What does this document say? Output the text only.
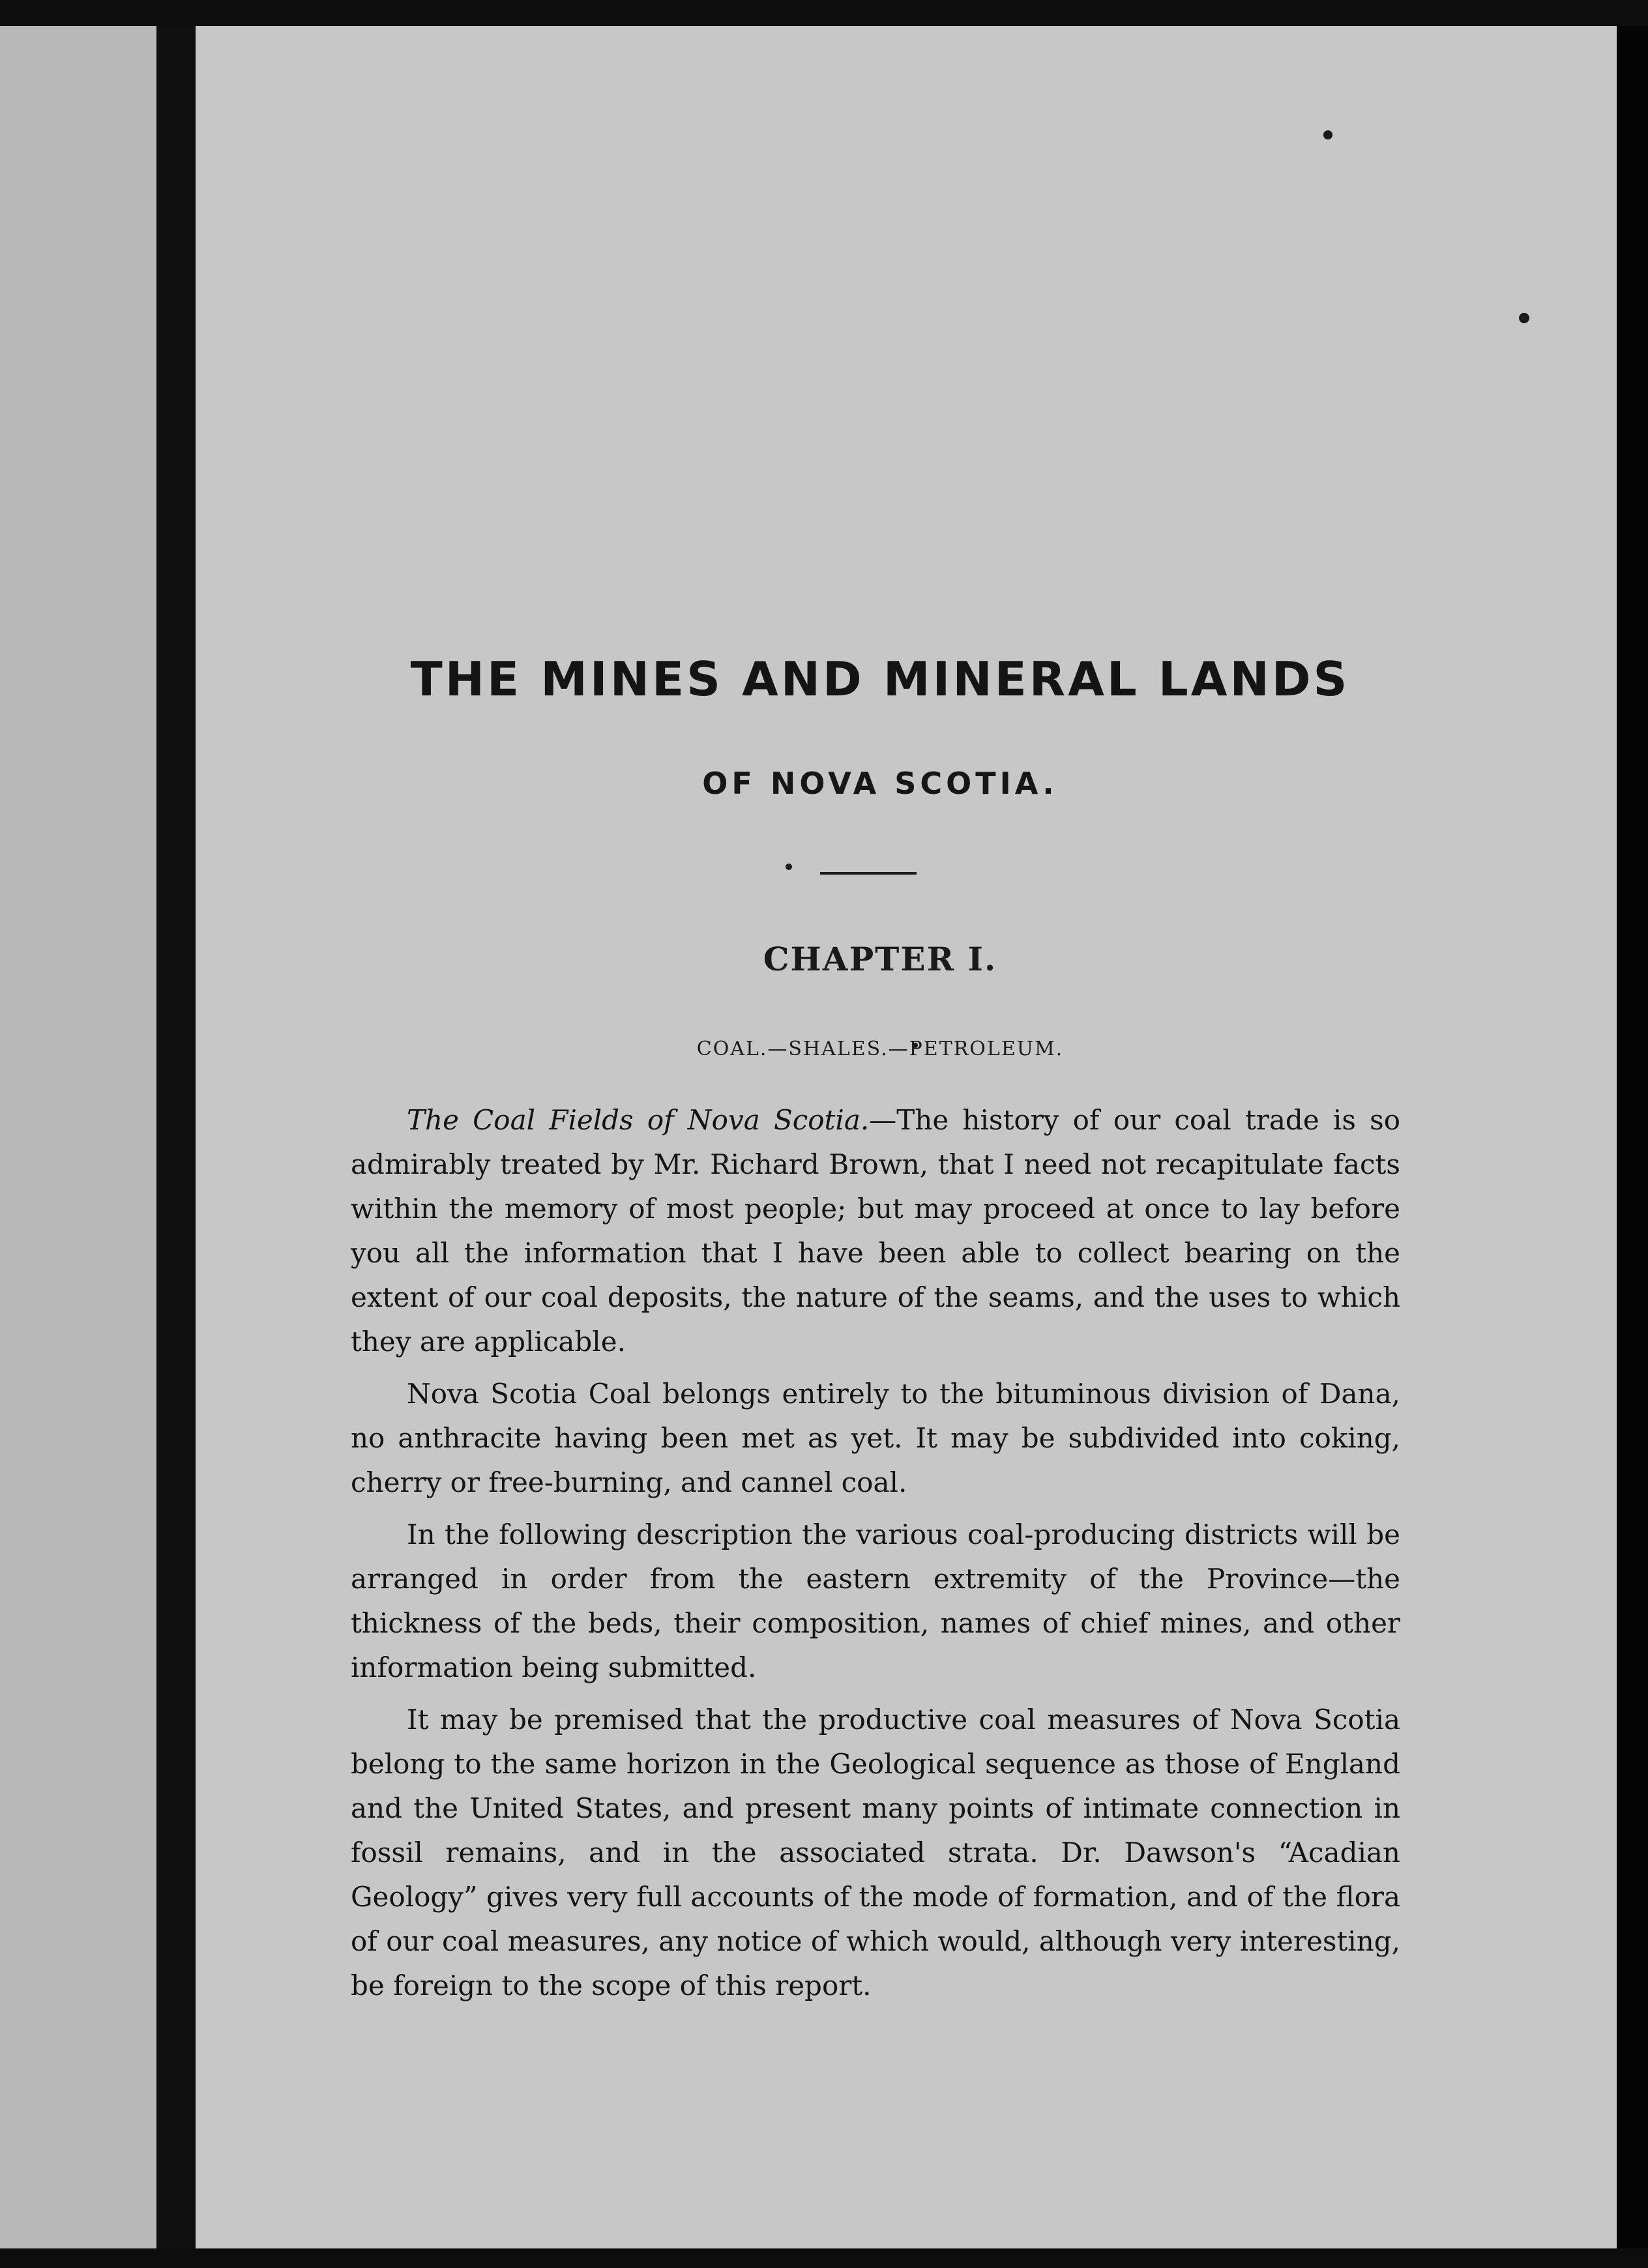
THE MINES AND MINERAL LANDS
OF NOVA SCOTIA.
CHAPTER I.
COAL.—SHALES.—PETROLEUM.

The Coal Fields of Nova Scotia.—The history of our coal trade is so admirably treated by Mr. Richard Brown, that I need not recapitulate facts within the memory of most people; but may proceed at once to lay before you all the information that I have been able to collect bearing on the extent of our coal deposits, the nature of the seams, and the uses to which they are applicable.

Nova Scotia Coal belongs entirely to the bituminous division of Dana, no anthracite having been met as yet. It may be subdivided into coking, cherry or free-burning, and cannel coal.

In the following description the various coal-producing districts will be arranged in order from the eastern extremity of the Province—the thickness of the beds, their composition, names of chief mines, and other information being submitted.

It may be premised that the productive coal measures of Nova Scotia belong to the same horizon in the Geological sequence as those of England and the United States, and present many points of intimate connection in fossil remains, and in the associated strata. Dr. Dawson's “Acadian Geology” gives very full accounts of the mode of formation, and of the flora of our coal measures, any notice of which would, although very interesting, be foreign to the scope of this report.
